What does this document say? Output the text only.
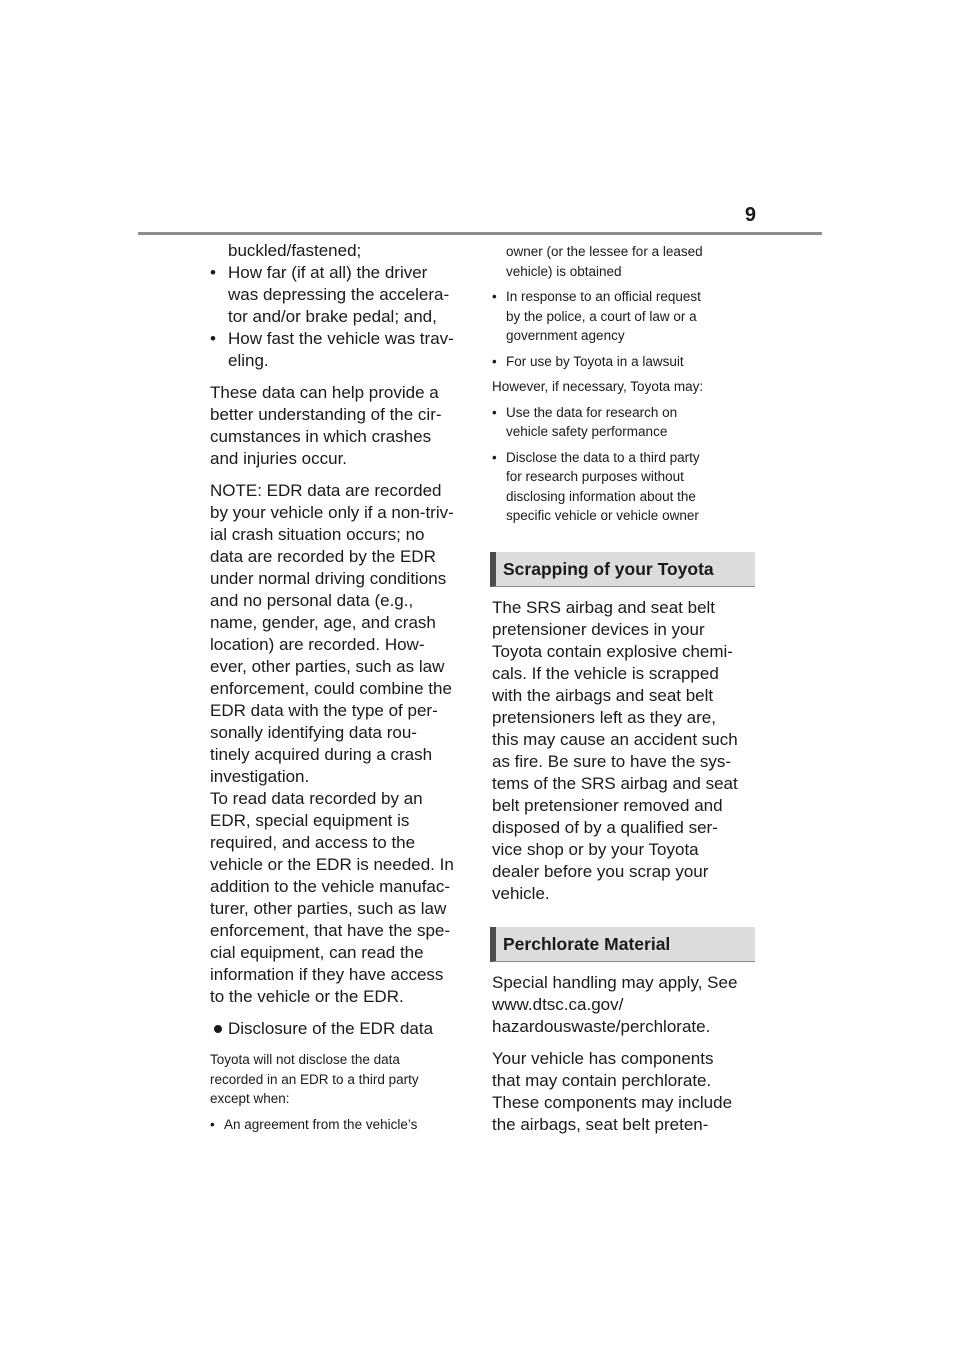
9

buckled/fastened;

• How far (if at all) the driver

was depressing the accelera-

tor and/or brake pedal; and,

• How fast the vehicle was trav-

eling.

These data can help provide a

better understanding of the cir-

cumstances in which crashes

and injuries occur.

NOTE: EDR data are recorded

by your vehicle only if a non-triv-

ial crash situation occurs; no

data are recorded by the EDR

under normal driving conditions

and no personal data (e.g.,

name, gender, age, and crash

location) are recorded. How-

ever, other parties, such as law

enforcement, could combine the

EDR data with the type of per-

sonally identifying data rou-

tinely acquired during a crash

investigation.

To read data recorded by an

EDR, special equipment is

required, and access to the

vehicle or the EDR is needed. In

addition to the vehicle manufac-

turer, other parties, such as law

enforcement, that have the spe-

cial equipment, can read the

information if they have access

to the vehicle or the EDR.

Disclosure of the EDR data

Toyota will not disclose the data

recorded in an EDR to a third party

except when:

• An agreement from the vehicle’s

owner (or the lessee for a leased

vehicle) is obtained

• In response to an official request

by the police, a court of law or a

government agency

• For use by Toyota in a lawsuit

However, if necessary, Toyota may:

• Use the data for research on

vehicle safety performance

• Disclose the data to a third party

for research purposes without

disclosing information about the

specific vehicle or vehicle owner

Scrapping of your Toyota

The SRS airbag and seat belt

pretensioner devices in your

Toyota contain explosive chemi-

cals. If the vehicle is scrapped

with the airbags and seat belt

pretensioners left as they are,

this may cause an accident such

as fire. Be sure to have the sys-

tems of the SRS airbag and seat

belt pretensioner removed and

disposed of by a qualified ser-

vice shop or by your Toyota

dealer before you scrap your

vehicle.

Perchlorate Material

Special handling may apply, See

www.dtsc.ca.gov/

hazardouswaste/perchlorate.

Your vehicle has components

that may contain perchlorate.

These components may include

the airbags, seat belt preten-
